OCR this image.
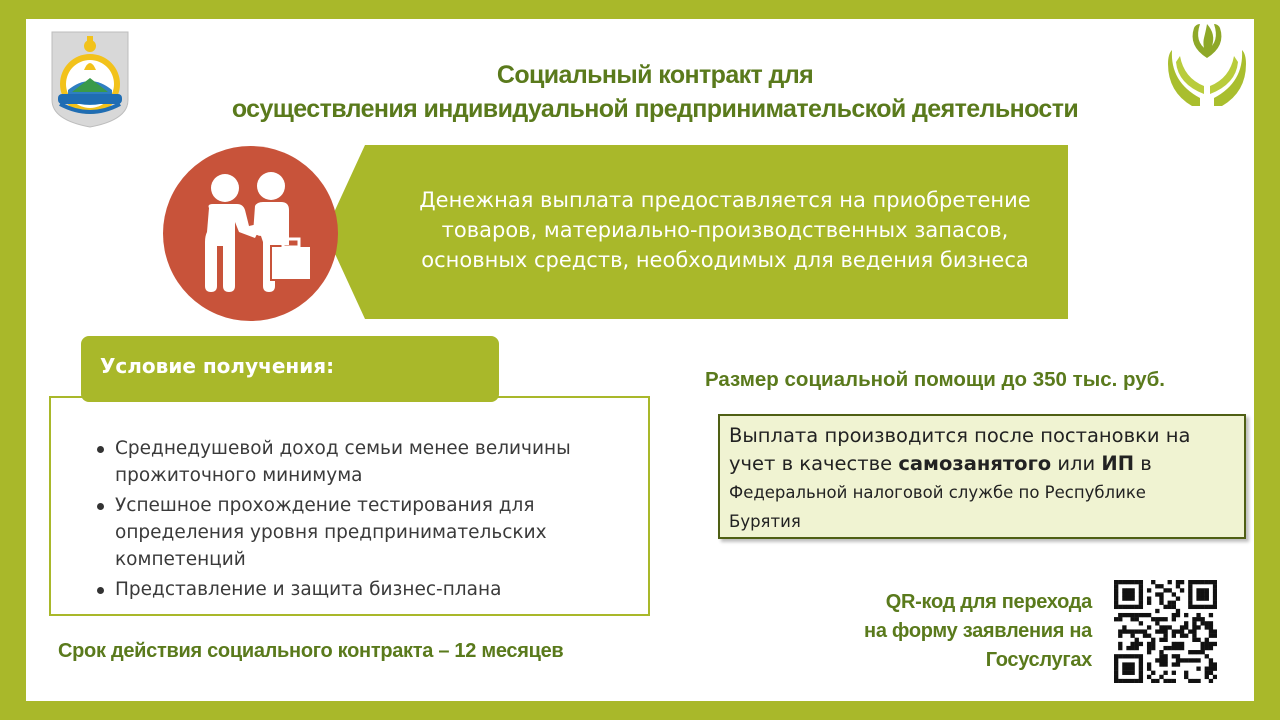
Социальный контракт для
осуществления индивидуальной предпринимательской деятельности
Денежная выплата предоставляется на приобретение
товаров, материально-производственных запасов,
основных средств, необходимых для ведения бизнеса
Условие получения:
Среднедушевой доход семьи менее величины прожиточного минимума
Успешное прохождение тестирования для определения уровня предпринимательских компетенций
Представление и защита бизнес-плана
Размер социальной помощи до 350 тыс. руб.
Выплата производится после постановки на
учет в качестве самозанятого или ИП в
Федеральной налоговой службе по Республике
Бурятия
Срок действия социального контракта – 12 месяцев
QR-код для перехода
на форму заявления на
Госуслугах
